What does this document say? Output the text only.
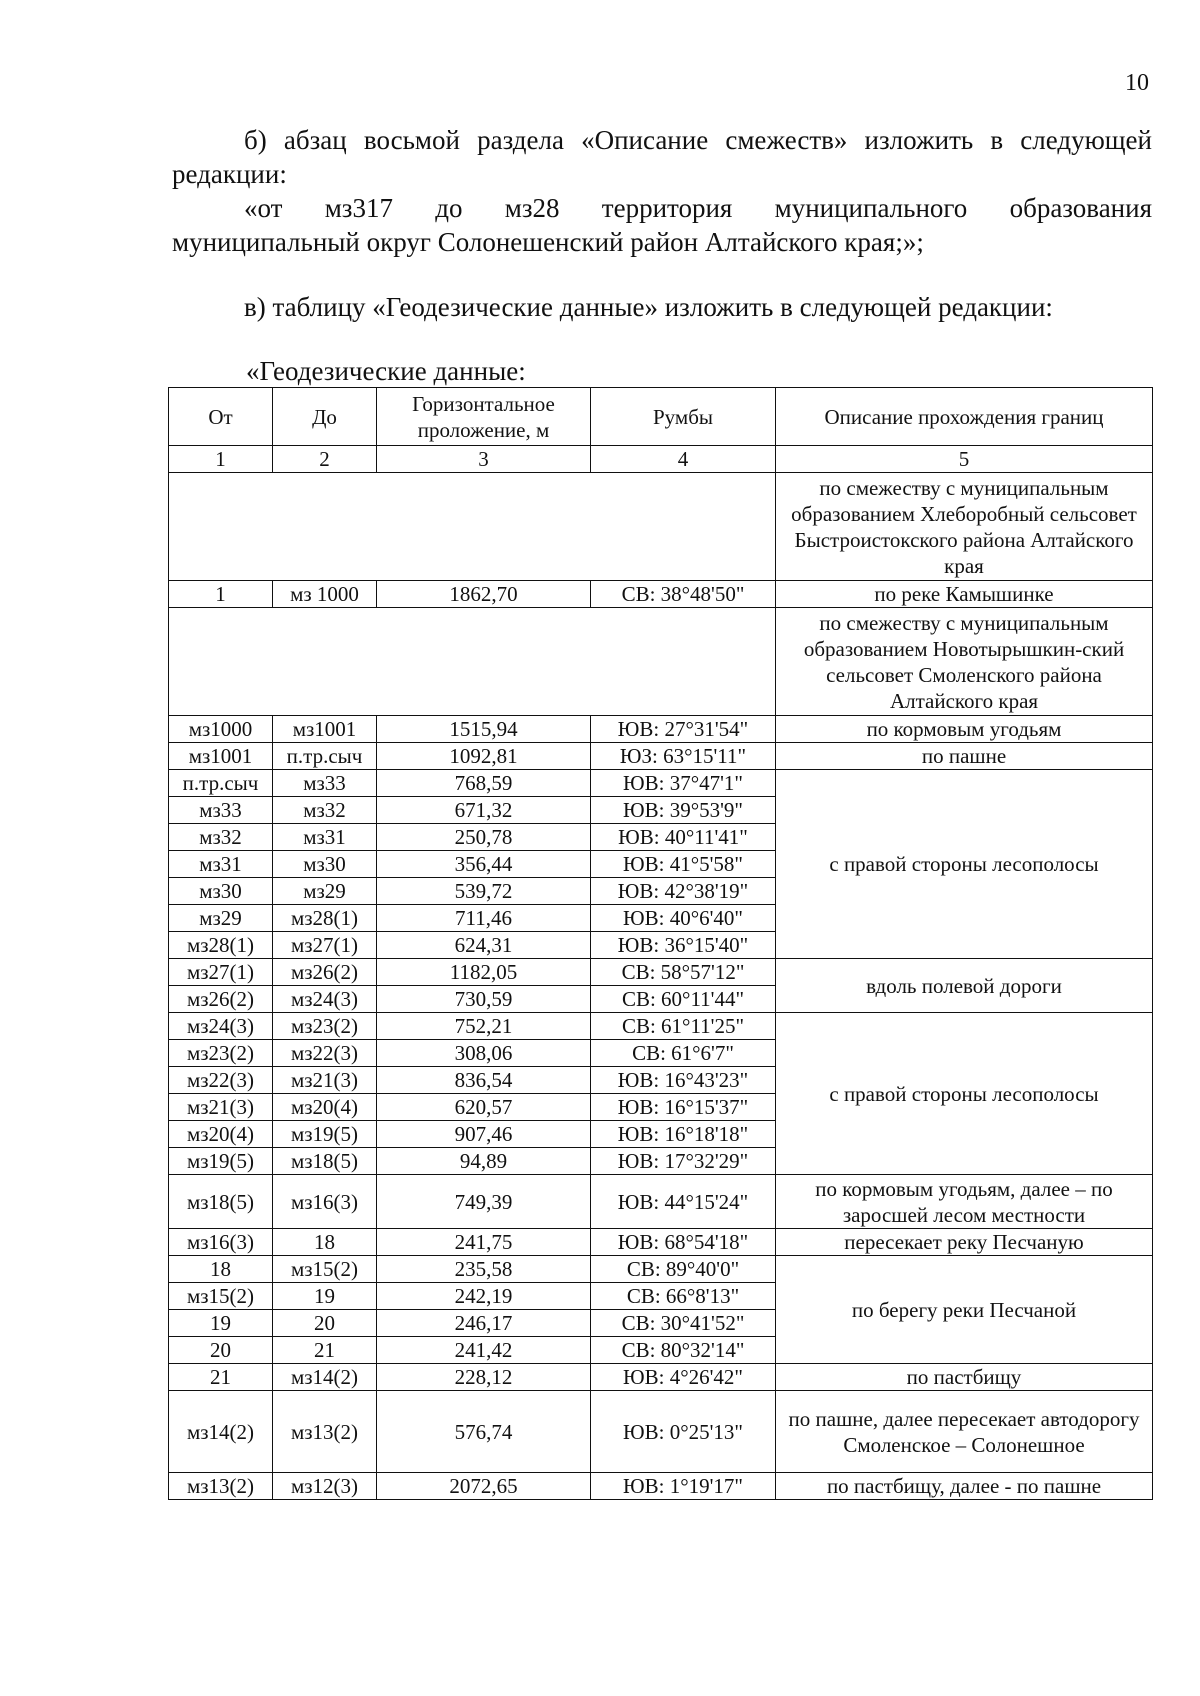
10
б) абзац восьмой раздела «Описание смежеств» изложить в следующей
редакции:
«от мз317 до мз28 территория муниципального образования
муниципальный округ Солонешенский район Алтайского края;»;
в) таблицу «Геодезические данные» изложить в следующей редакции:
«Геодезические данные:
От	До	Горизонтальное проложение, м	Румбы	Описание прохождения границ
1	2	3	4	5
				по смежеству с муниципальным образованием Хлеборобный сельсовет Быстроистокского района Алтайского края
1	мз 1000	1862,70	СВ: 38°48'50"	по реке Камышинке
				по смежеству с муниципальным образованием Новотырышкин-ский сельсовет Смоленского района Алтайского края
мз1000	мз1001	1515,94	ЮВ: 27°31'54"	по кормовым угодьям
мз1001	п.тр.сыч	1092,81	ЮЗ: 63°15'11"	по пашне
п.тр.сыч	мз33	768,59	ЮВ: 37°47'1"	с правой стороны лесополосы
мз33	мз32	671,32	ЮВ: 39°53'9"	
мз32	мз31	250,78	ЮВ: 40°11'41"	
мз31	мз30	356,44	ЮВ: 41°5'58"	
мз30	мз29	539,72	ЮВ: 42°38'19"	
мз29	мз28(1)	711,46	ЮВ: 40°6'40"	
мз28(1)	мз27(1)	624,31	ЮВ: 36°15'40"	
мз27(1)	мз26(2)	1182,05	СВ: 58°57'12"	вдоль полевой дороги
мз26(2)	мз24(3)	730,59	СВ: 60°11'44"	
мз24(3)	мз23(2)	752,21	СВ: 61°11'25"	с правой стороны лесополосы
мз23(2)	мз22(3)	308,06	СВ: 61°6'7"	
мз22(3)	мз21(3)	836,54	ЮВ: 16°43'23"	
мз21(3)	мз20(4)	620,57	ЮВ: 16°15'37"	
мз20(4)	мз19(5)	907,46	ЮВ: 16°18'18"	
мз19(5)	мз18(5)	94,89	ЮВ: 17°32'29"	
мз18(5)	мз16(3)	749,39	ЮВ: 44°15'24"	по кормовым угодьям, далее – по заросшей лесом местности
мз16(3)	18	241,75	ЮВ: 68°54'18"	пересекает реку Песчаную
18	мз15(2)	235,58	СВ: 89°40'0"	по берегу реки Песчаной
мз15(2)	19	242,19	СВ: 66°8'13"	
19	20	246,17	СВ: 30°41'52"	
20	21	241,42	СВ: 80°32'14"	
21	мз14(2)	228,12	ЮВ: 4°26'42"	по пастбищу
мз14(2)	мз13(2)	576,74	ЮВ: 0°25'13"	по пашне, далее пересекает автодорогу Смоленское – Солонешное
мз13(2)	мз12(3)	2072,65	ЮВ: 1°19'17"	по пастбищу, далее - по пашне
